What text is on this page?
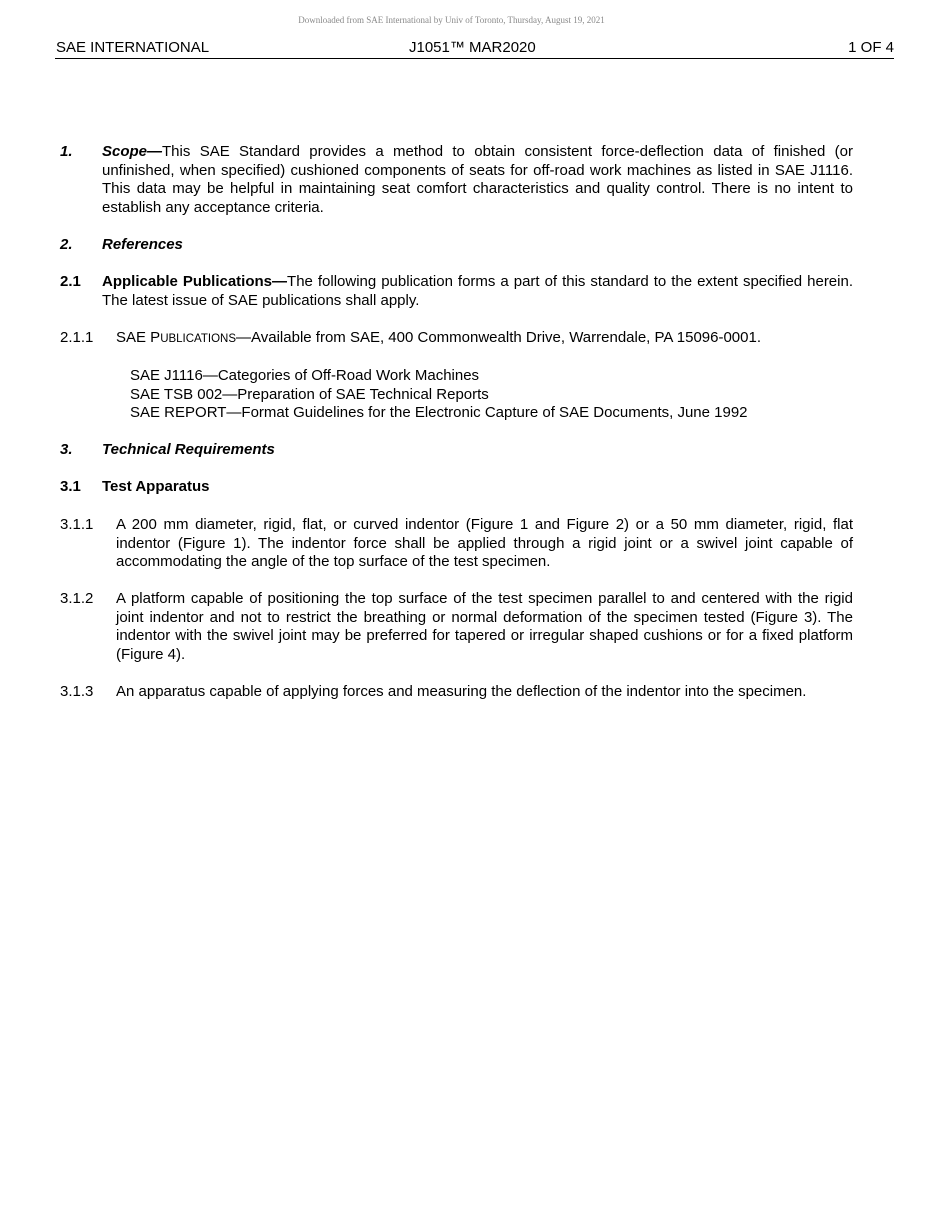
Downloaded from SAE International by Univ of Toronto, Thursday, August 19, 2021
SAE INTERNATIONAL	J1051™ MAR2020	1 OF 4
1. Scope—This SAE Standard provides a method to obtain consistent force-deflection data of finished (or unfinished, when specified) cushioned components of seats for off-road work machines as listed in SAE J1116. This data may be helpful in maintaining seat comfort characteristics and quality control. There is no intent to establish any acceptance criteria.
2. References
2.1 Applicable Publications—The following publication forms a part of this standard to the extent specified herein. The latest issue of SAE publications shall apply.
2.1.1 SAE PUBLICATIONS—Available from SAE, 400 Commonwealth Drive, Warrendale, PA 15096-0001.
SAE J1116—Categories of Off-Road Work Machines
SAE TSB 002—Preparation of SAE Technical Reports
SAE REPORT—Format Guidelines for the Electronic Capture of SAE Documents, June 1992
3. Technical Requirements
3.1 Test Apparatus
3.1.1 A 200 mm diameter, rigid, flat, or curved indentor (Figure 1 and Figure 2) or a 50 mm diameter, rigid, flat indentor (Figure 1). The indentor force shall be applied through a rigid joint or a swivel joint capable of accommodating the angle of the top surface of the test specimen.
3.1.2 A platform capable of positioning the top surface of the test specimen parallel to and centered with the rigid joint indentor and not to restrict the breathing or normal deformation of the specimen tested (Figure 3). The indentor with the swivel joint may be preferred for tapered or irregular shaped cushions or for a fixed platform (Figure 4).
3.1.3 An apparatus capable of applying forces and measuring the deflection of the indentor into the specimen.
